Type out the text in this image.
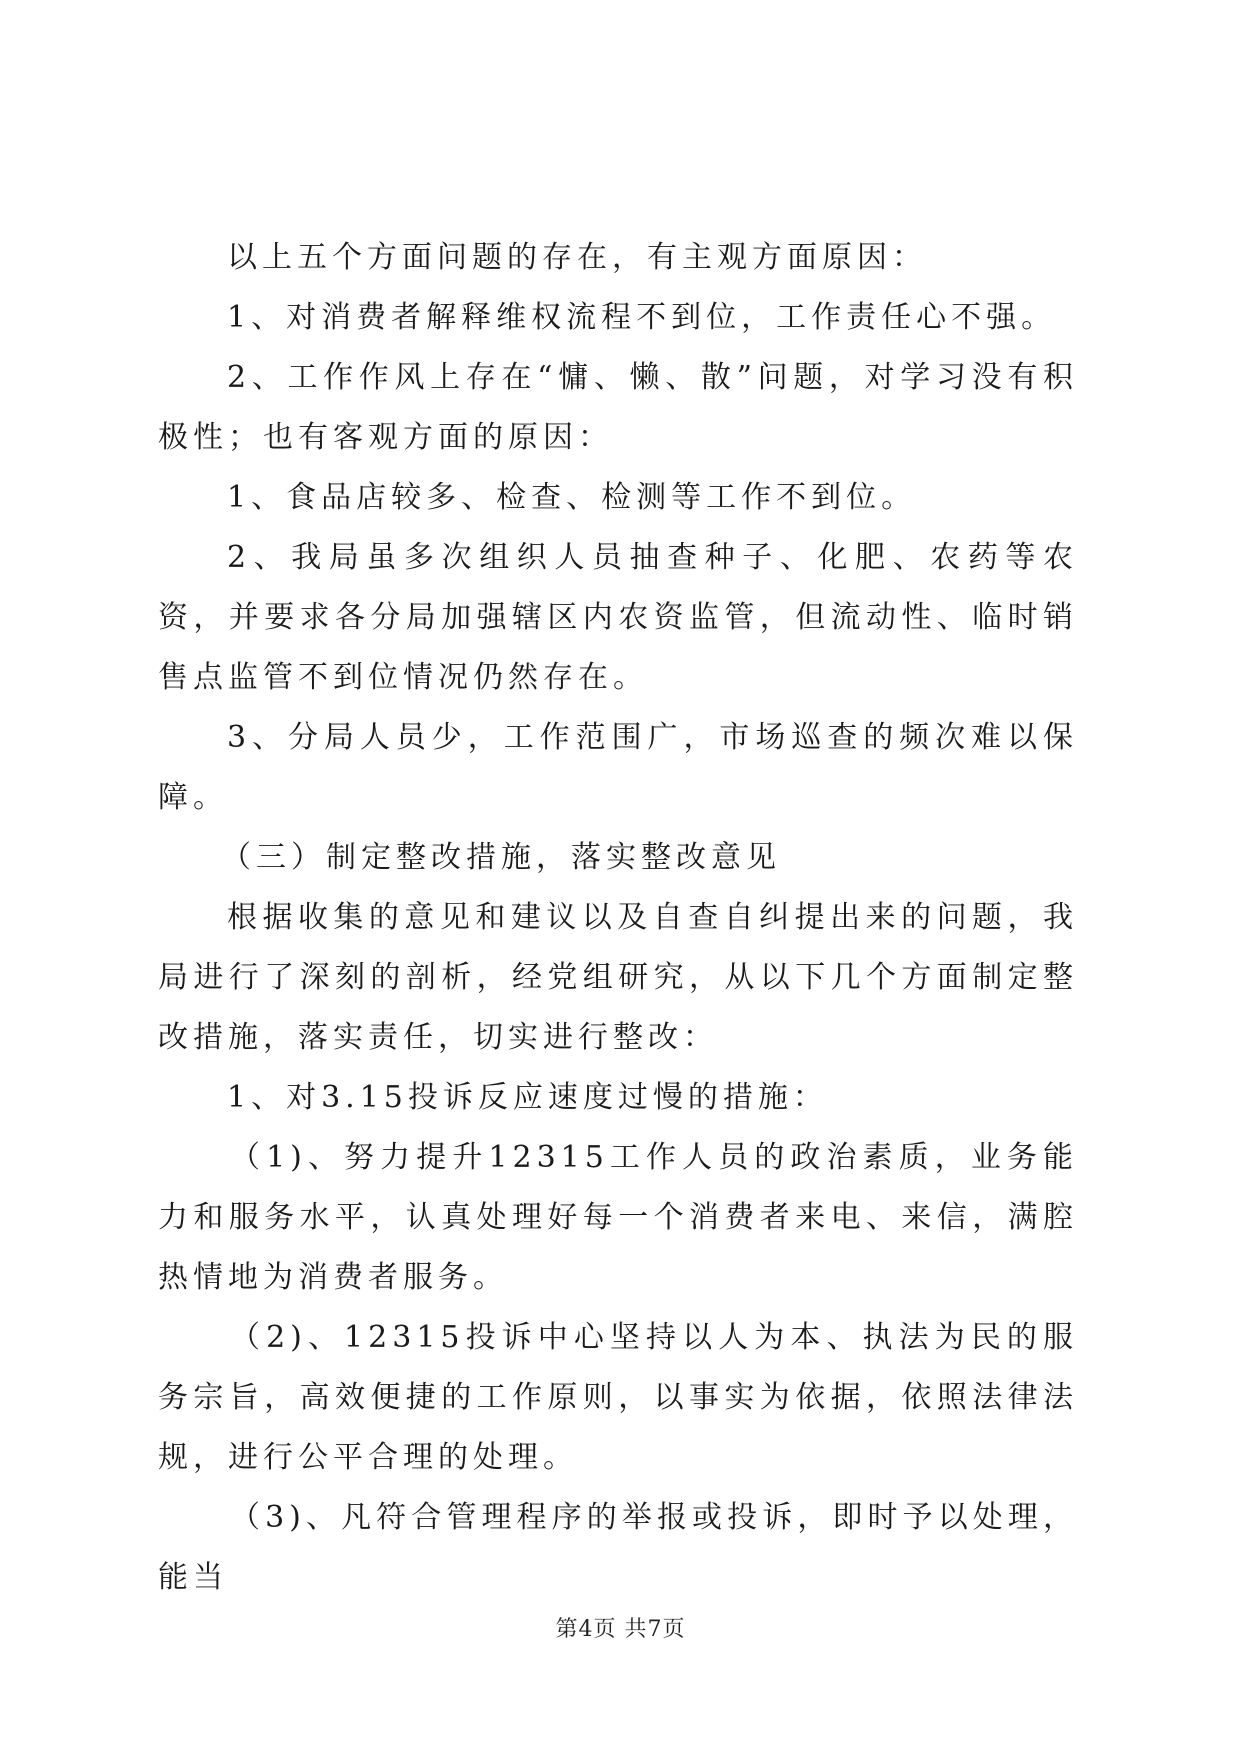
以上五个方面问题的存在，有主观方面原因：

1、对消费者解释维权流程不到位，工作责任心不强。

2、工作作风上存在“慵、懒、散”问题，对学习没有积极性；也有客观方面的原因：

1、食品店较多、检查、检测等工作不到位。

2、我局虽多次组织人员抽查种子、化肥、农药等农资，并要求各分局加强辖区内农资监管，但流动性、临时销售点监管不到位情况仍然存在。

3、分局人员少，工作范围广，市场巡查的频次难以保障。

（三）制定整改措施，落实整改意见

根据收集的意见和建议以及自查自纠提出来的问题，我局进行了深刻的剖析，经党组研究，从以下几个方面制定整改措施，落实责任，切实进行整改：

1、对3.15投诉反应速度过慢的措施：

（1)、努力提升12315工作人员的政治素质，业务能力和服务水平，认真处理好每一个消费者来电、来信，满腔热情地为消费者服务。

（2)、12315投诉中心坚持以人为本、执法为民的服务宗旨，高效便捷的工作原则，以事实为依据，依照法律法规，进行公平合理的处理。

（3)、凡符合管理程序的举报或投诉，即时予以处理，能当

第4页 共7页
